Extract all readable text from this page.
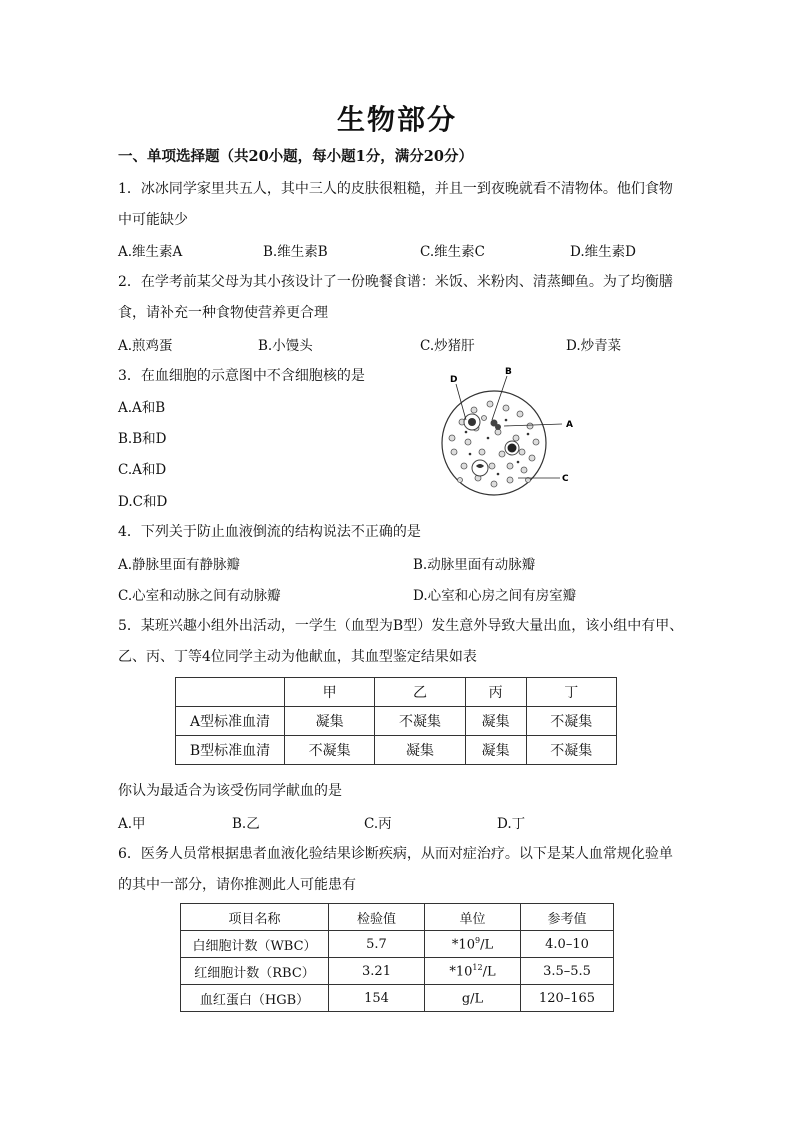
生物部分
一、单项选择题（共20小题，每小题1分，满分20分）
1．冰冰同学家里共五人，其中三人的皮肤很粗糙，并且一到夜晚就看不清物体。他们食物
中可能缺少
A.维生素A	B.维生素B	C.维生素C	D.维生素D
2．在学考前某父母为其小孩设计了一份晚餐食谱：米饭、米粉肉、清蒸鲫鱼。为了均衡膳
食，请补充一种食物使营养更合理
A.煎鸡蛋	B.小馒头	C.炒猪肝	D.炒青菜
3．在血细胞的示意图中不含细胞核的是
A.A和B
B.B和D
C.A和D
D.C和D
D
B
A
C
4．下列关于防止血液倒流的结构说法不正确的是
A.静脉里面有静脉瓣	B.动脉里面有动脉瓣
C.心室和动脉之间有动脉瓣	D.心室和心房之间有房室瓣
5．某班兴趣小组外出活动，一学生（血型为B型）发生意外导致大量出血，该小组中有甲、
乙、丙、丁等4位同学主动为他献血，其血型鉴定结果如表
	甲	乙	丙	丁
A型标准血清	凝集	不凝集	凝集	不凝集
B型标准血清	不凝集	凝集	凝集	不凝集
你认为最适合为该受伤同学献血的是
A.甲	B.乙	C.丙	D.丁
6．医务人员常根据患者血液化验结果诊断疾病，从而对症治疗。以下是某人血常规化验单
的其中一部分，请你推测此人可能患有
项目名称	检验值	单位	参考值
白细胞计数（WBC）	5.7	$*10^9/L$	4.0–10
红细胞计数（RBC）	3.21	$*10^{12}/L$	3.5–5.5
血红蛋白（HGB）	154	g/L	120–165
